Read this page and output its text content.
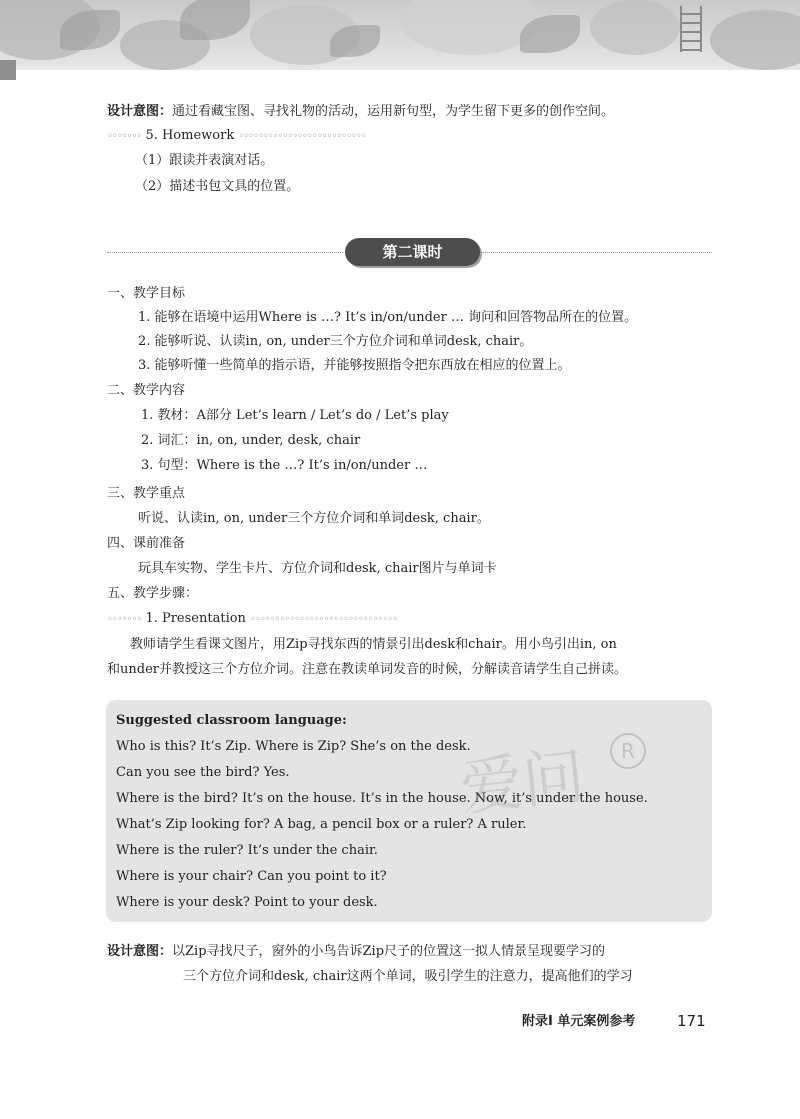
设计意图：通过看藏宝图、寻找礼物的活动，运用新句型，为学生留下更多的创作空间。
◦◦◦◦◦◦◦ 5. Homework ◦◦◦◦◦◦◦◦◦◦◦◦◦◦◦◦◦◦◦◦◦◦◦◦◦◦
（1）跟读并表演对话。
（2）描述书包文具的位置。
第二课时
一、教学目标
1. 能够在语境中运用Where is …? It’s in/on/under … 询问和回答物品所在的位置。
2. 能够听说、认读in, on, under三个方位介词和单词desk, chair。
3. 能够听懂一些简单的指示语，并能够按照指令把东西放在相应的位置上。
二、教学内容
1. 教材：A部分 Let’s learn / Let’s do / Let’s play
2. 词汇：in, on, under, desk, chair
3. 句型：Where is the …? It’s in/on/under …
三、教学重点
听说、认读in, on, under三个方位介词和单词desk, chair。
四、课前准备
玩具车实物、学生卡片、方位介词和desk, chair图片与单词卡
五、教学步骤：
◦◦◦◦◦◦◦ 1. Presentation ◦◦◦◦◦◦◦◦◦◦◦◦◦◦◦◦◦◦◦◦◦◦◦◦◦◦◦◦◦◦
教师请学生看课文图片，用Zip寻找东西的情景引出desk和chair。用小鸟引出in, on
和under并教授这三个方位介词。注意在教读单词发音的时候，分解读音请学生自己拼读。
爱问	R
Suggested classroom language:
Who is this? It’s Zip. Where is Zip? She’s on the desk.
Can you see the bird? Yes.
Where is the bird? It’s on the house. It’s in the house. Now, it’s under the house.
What’s Zip looking for? A bag, a pencil box or a ruler? A ruler.
Where is the ruler? It’s under the chair.
Where is your chair? Can you point to it?
Where is your desk? Point to your desk.
设计意图：以Zip寻找尺子，窗外的小鸟告诉Zip尺子的位置这一拟人情景呈现要学习的
三个方位介词和desk, chair这两个单词，吸引学生的注意力，提高他们的学习
附录I 单元案例参考	171
